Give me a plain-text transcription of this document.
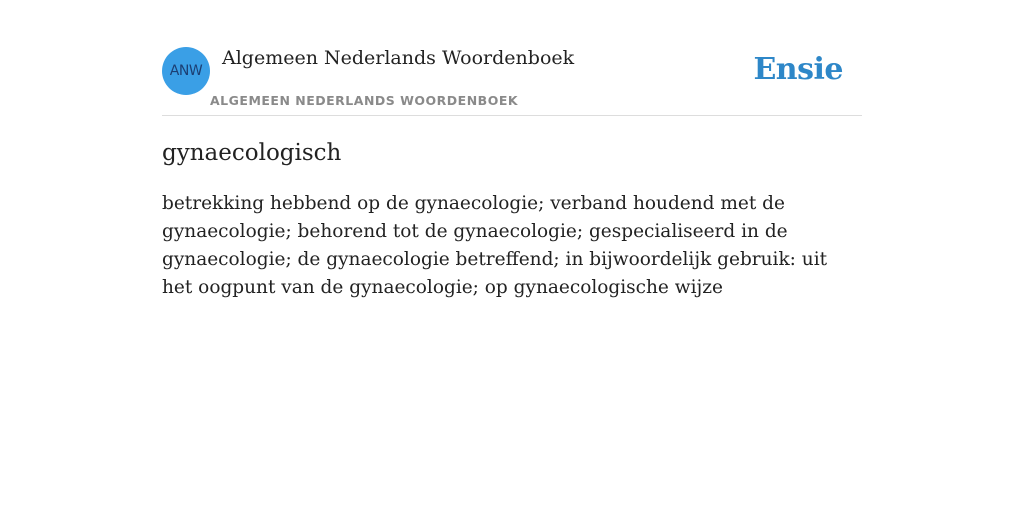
ANW
Algemeen Nederlands Woordenboek
ALGEMEEN NEDERLANDS WOORDENBOEK
Ensie
gynaecologisch

betrekking hebbend op de gynaecologie; verband houdend met de gynaecologie; behorend tot de gynaecologie; gespecialiseerd in de gynaecologie; de gynaecologie betreffend; in bijwoordelijk gebruik: uit het oogpunt van de gynaecologie; op gynaecologische wijze
